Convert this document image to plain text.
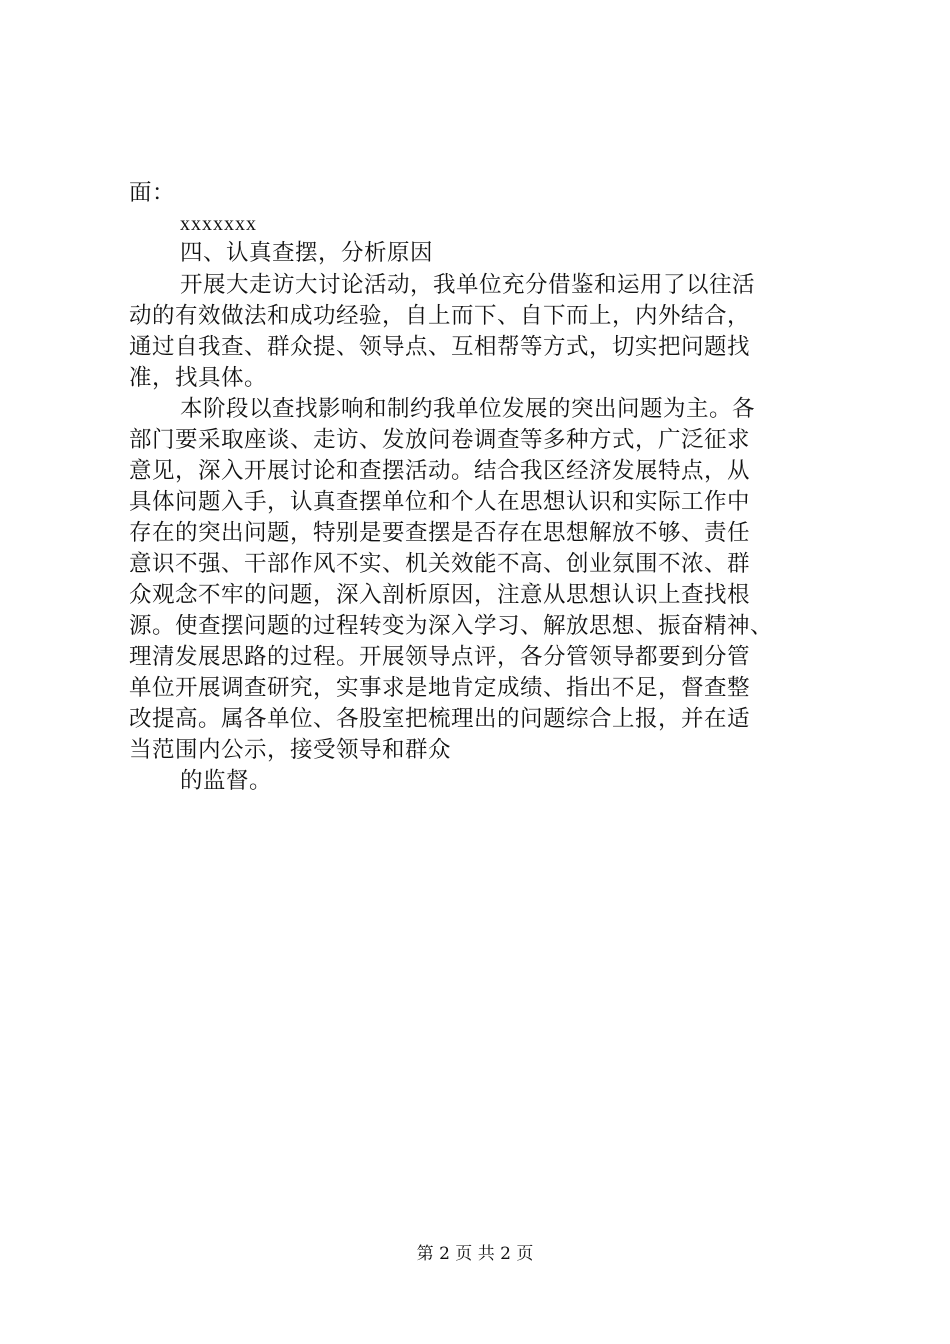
面：
xxxxxxx
四、认真查摆，分析原因
开展大走访大讨论活动，我单位充分借鉴和运用了以往活
动的有效做法和成功经验，自上而下、自下而上，内外结合，
通过自我查、群众提、领导点、互相帮等方式，切实把问题找
准，找具体。
本阶段以查找影响和制约我单位发展的突出问题为主。各
部门要采取座谈、走访、发放问卷调查等多种方式，广泛征求
意见，深入开展讨论和查摆活动。结合我区经济发展特点，从
具体问题入手，认真查摆单位和个人在思想认识和实际工作中
存在的突出问题，特别是要查摆是否存在思想解放不够、责任
意识不强、干部作风不实、机关效能不高、创业氛围不浓、群
众观念不牢的问题，深入剖析原因，注意从思想认识上查找根
源。使查摆问题的过程转变为深入学习、解放思想、振奋精神、
理清发展思路的过程。开展领导点评，各分管领导都要到分管
单位开展调查研究，实事求是地肯定成绩、指出不足，督查整
改提高。属各单位、各股室把梳理出的问题综合上报，并在适
当范围内公示，接受领导和群众
的监督。
第 2 页 共 2 页
